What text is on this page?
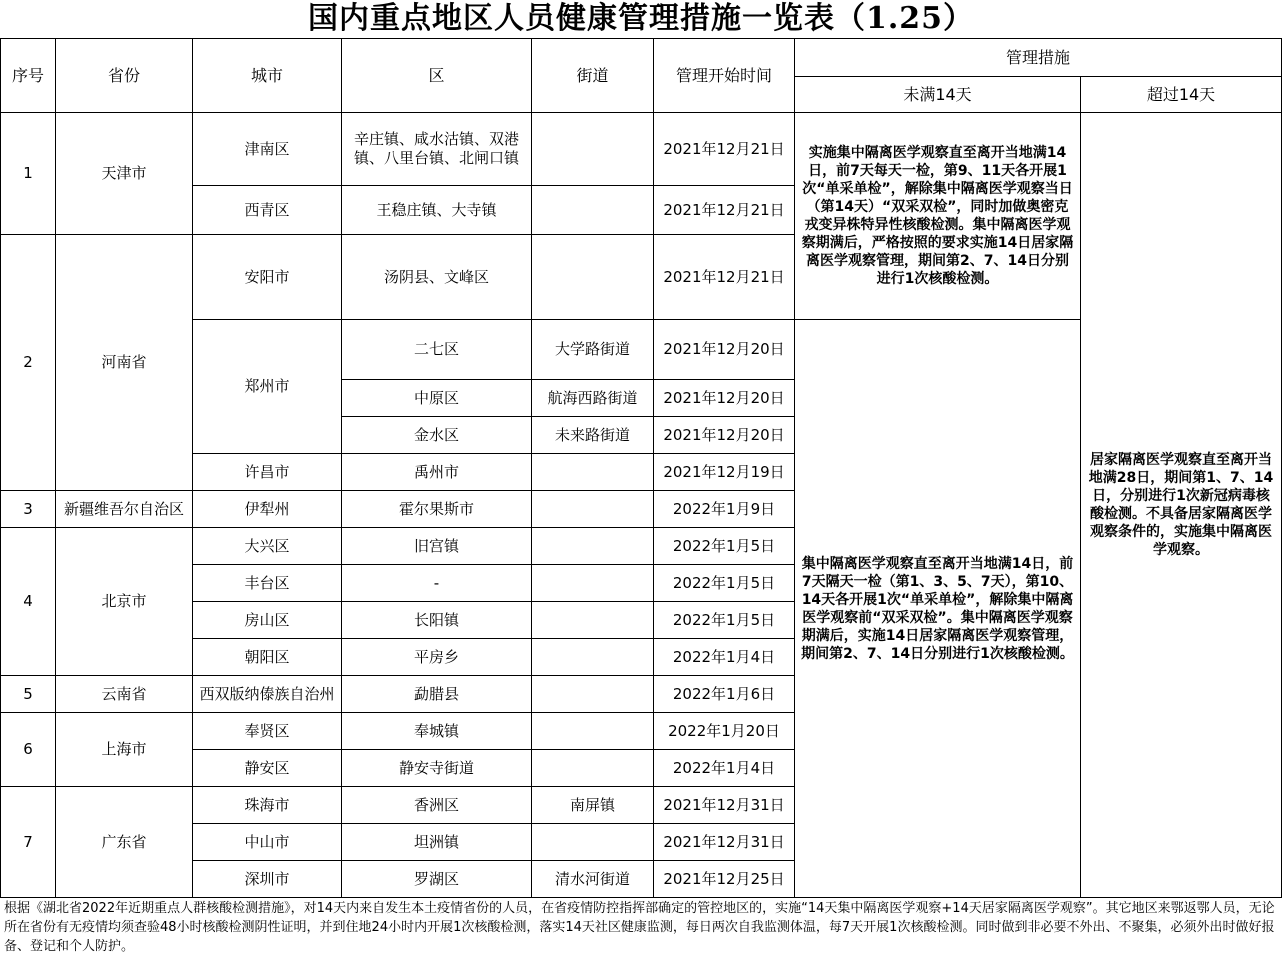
国内重点地区人员健康管理措施一览表（1.25）
序号	省份	城市	区	街道	管理开始时间	管理措施	
						未满14天	超过14天
1	天津市	津南区	辛庄镇、咸水沽镇、双港镇、八里台镇、北闸口镇		2021年12月21日	实施集中隔离医学观察直至离开当地满14日，前7天每天一检，第9、11天各开展1次“单采单检”，解除集中隔离医学观察当日（第14天）“双采双检”，同时加做奥密克戎变异株特异性核酸检测。集中隔离医学观察期满后，严格按照的要求实施14日居家隔离医学观察管理，期间第2、7、14日分别进行1次核酸检测。	居家隔离医学观察直至离开当地满28日，期间第1、7、14日，分别进行1次新冠病毒核酸检测。不具备居家隔离医学观察条件的，实施集中隔离医学观察。
		西青区	王稳庄镇、大寺镇		2021年12月21日		
2	河南省	安阳市	汤阴县、文峰区		2021年12月21日		
		郑州市	二七区	大学路街道	2021年12月20日	集中隔离医学观察直至离开当地满14日，前7天隔天一检（第1、3、5、7天），第10、14天各开展1次“单采单检”，解除集中隔离医学观察前“双采双检”。集中隔离医学观察期满后，实施14日居家隔离医学观察管理，期间第2、7、14日分别进行1次核酸检测。	
			中原区	航海西路街道	2021年12月20日		
			金水区	未来路街道	2021年12月20日		
		许昌市	禹州市		2021年12月19日		
3	新疆维吾尔自治区	伊犁州	霍尔果斯市		2022年1月9日		
4	北京市	大兴区	旧宫镇		2022年1月5日		
		丰台区	-		2022年1月5日		
		房山区	长阳镇		2022年1月5日		
		朝阳区	平房乡		2022年1月4日		
5	云南省	西双版纳傣族自治州	勐腊县		2022年1月6日		
6	上海市	奉贤区	奉城镇		2022年1月20日		
		静安区	静安寺街道		2022年1月4日		
7	广东省	珠海市	香洲区	南屏镇	2021年12月31日		
		中山市	坦洲镇		2021年12月31日		
		深圳市	罗湖区	清水河街道	2021年12月25日		
根据《湖北省2022年近期重点人群核酸检测措施》，对14天内来自发生本土疫情省份的人员，在省疫情防控指挥部确定的管控地区的，实施“14天集中隔离医学观察+14天居家隔离医学观察”。其它地区来鄂返鄂人员，无论所在省份有无疫情均须查验48小时核酸检测阴性证明，并到住地24小时内开展1次核酸检测，落实14天社区健康监测，每日两次自我监测体温，每7天开展1次核酸检测。同时做到非必要不外出、不聚集，必须外出时做好报备、登记和个人防护。
